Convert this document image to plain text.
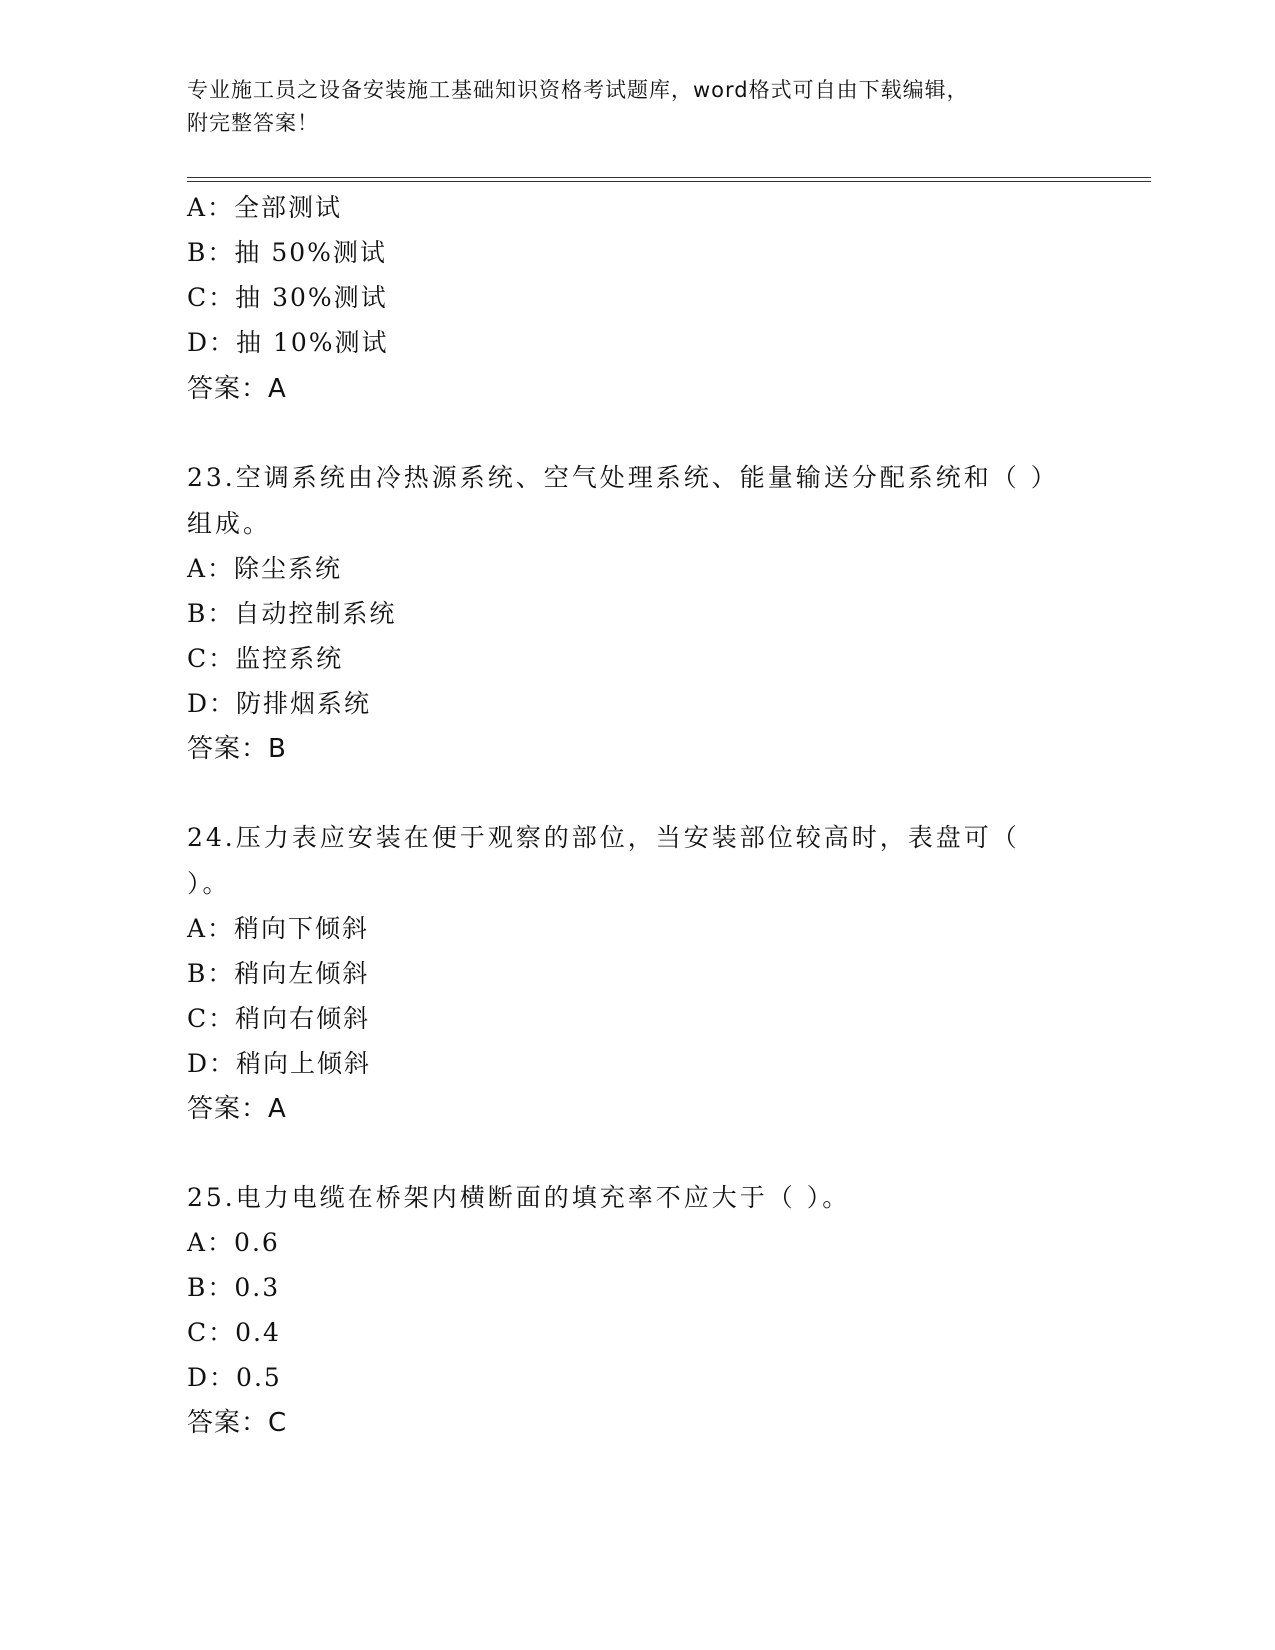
专业施工员之设备安装施工基础知识资格考试题库，word格式可自由下载编辑，
附完整答案！
A：全部测试
B：抽 50%测试
C：抽 30%测试
D：抽 10%测试
答案：A
23.空调系统由冷热源系统、空气处理系统、能量输送分配系统和（ ）组成。
A：除尘系统
B：自动控制系统
C：监控系统
D：防排烟系统
答案：B
24.压力表应安装在便于观察的部位，当安装部位较高时，表盘可（ ）。
A：稍向下倾斜
B：稍向左倾斜
C：稍向右倾斜
D：稍向上倾斜
答案：A
25.电力电缆在桥架内横断面的填充率不应大于（ ）。
A：0.6
B：0.3
C：0.4
D：0.5
答案：C
